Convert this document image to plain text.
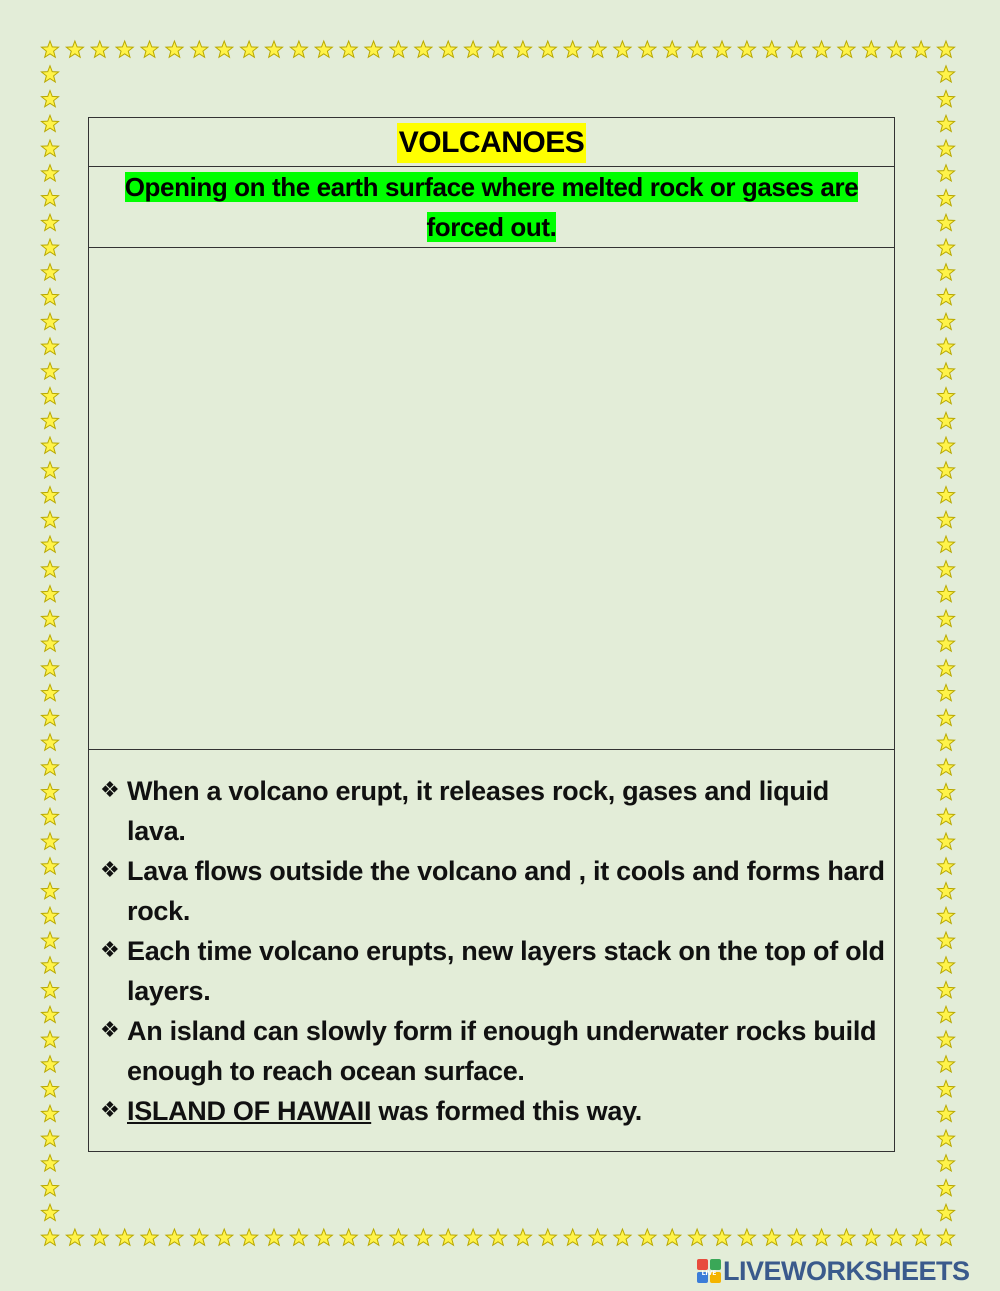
VOLCANOES
Opening on the earth surface where melted rock or gases are forced out.
❖ When a volcano erupt, it releases rock, gases and liquid lava.
❖ Lava flows outside the volcano and , it cools and forms hard rock.
❖ Each time volcano erupts, new layers stack on the top of old layers.
❖ An island can slowly form if enough underwater rocks build enough to reach ocean surface.
❖ ISLAND OF HAWAII was formed this way.
LIVE LIVEWORKSHEETS
